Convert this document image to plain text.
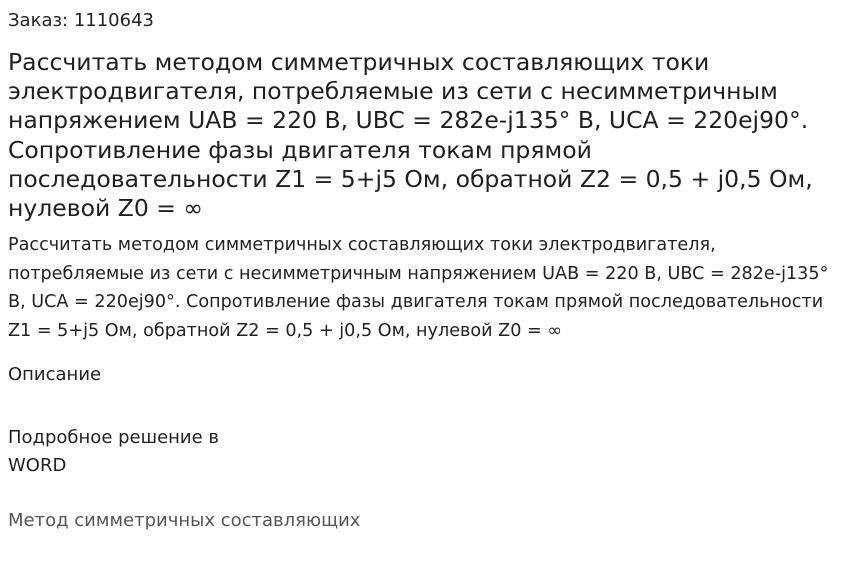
Заказ: 1110643

Рассчитать методом симметричных составляющих токи электродвигателя, потребляемые из сети с несимметричным напряжением UAB = 220 B, UBC = 282e-j135° B, UCA = 220ej90°. Сопротивление фазы двигателя токам прямой последовательности Z1 = 5+j5 Ом, обратной Z2 = 0,5 + j0,5 Ом, нулевой Z0 = ∞

Рассчитать методом симметричных составляющих токи электродвигателя, потребляемые из сети с несимметричным напряжением UAB = 220 B, UBC = 282e-j135° B, UCA = 220ej90°. Сопротивление фазы двигателя токам прямой последовательности Z1 = 5+j5 Ом, обратной Z2 = 0,5 + j0,5 Ом, нулевой Z0 = ∞

Описание

Подробное решение в WORD

Метод симметричных составляющих
